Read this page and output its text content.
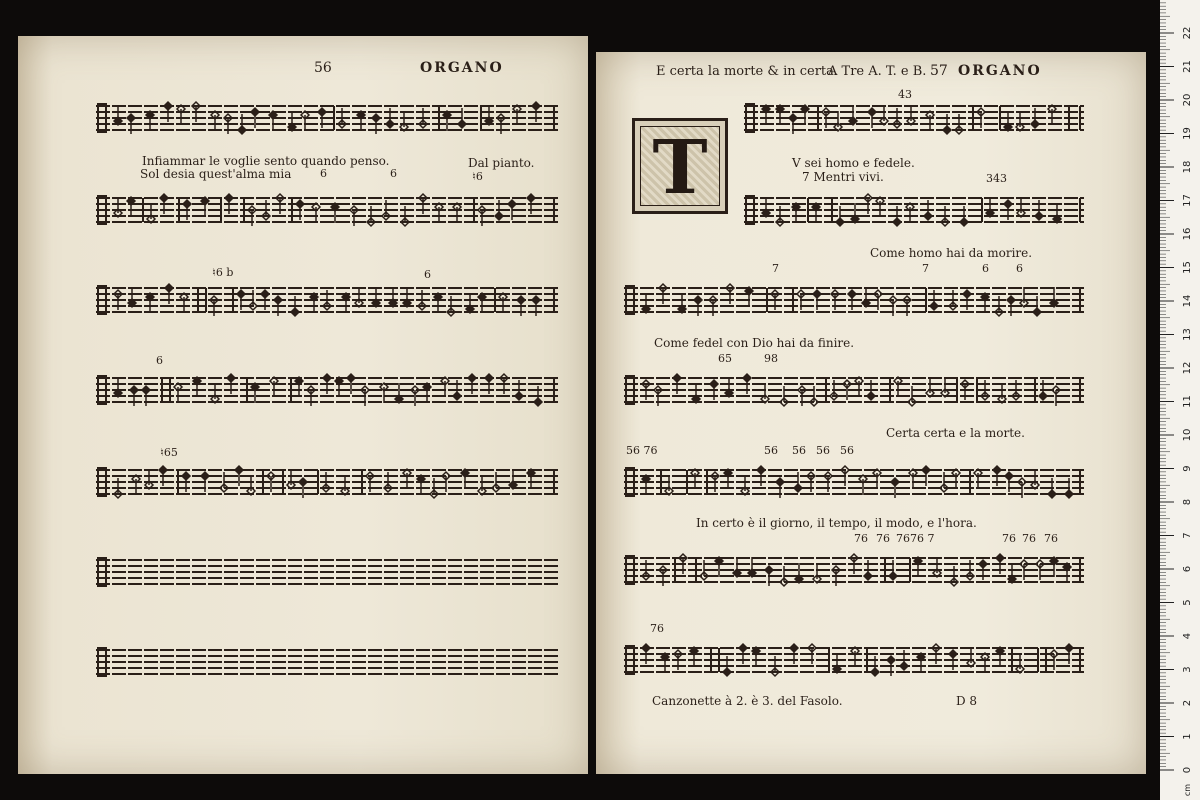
56	ORGANO
Infiammar le voglie sento quando penso.	Dal pianto.
Sol desia quest'alma mia	6	6	♮6
♮6 b	6
6
♮65
E certa la morte & in certa.
A Tre A. T. e B. 57 ORGANO
T
43
V sei homo e fedele.
7 Mentri vivi.	343
Come homo hai da morire.
7	7	6 6
Come fedel con Dio hai da finire.
65	98
Certa certa e la morte.
56 76	56 56 56 56
In certo è il giorno, il tempo, il modo, e l'hora.
76 76 7676 7	76 76 76
76
Canzonette à 2. è 3. del Fasolo.	D 8
0
1
2
3
4
5
6
7
8
9
10
11
12
13
14
15
16
17
18
19
20
21
22
cm
